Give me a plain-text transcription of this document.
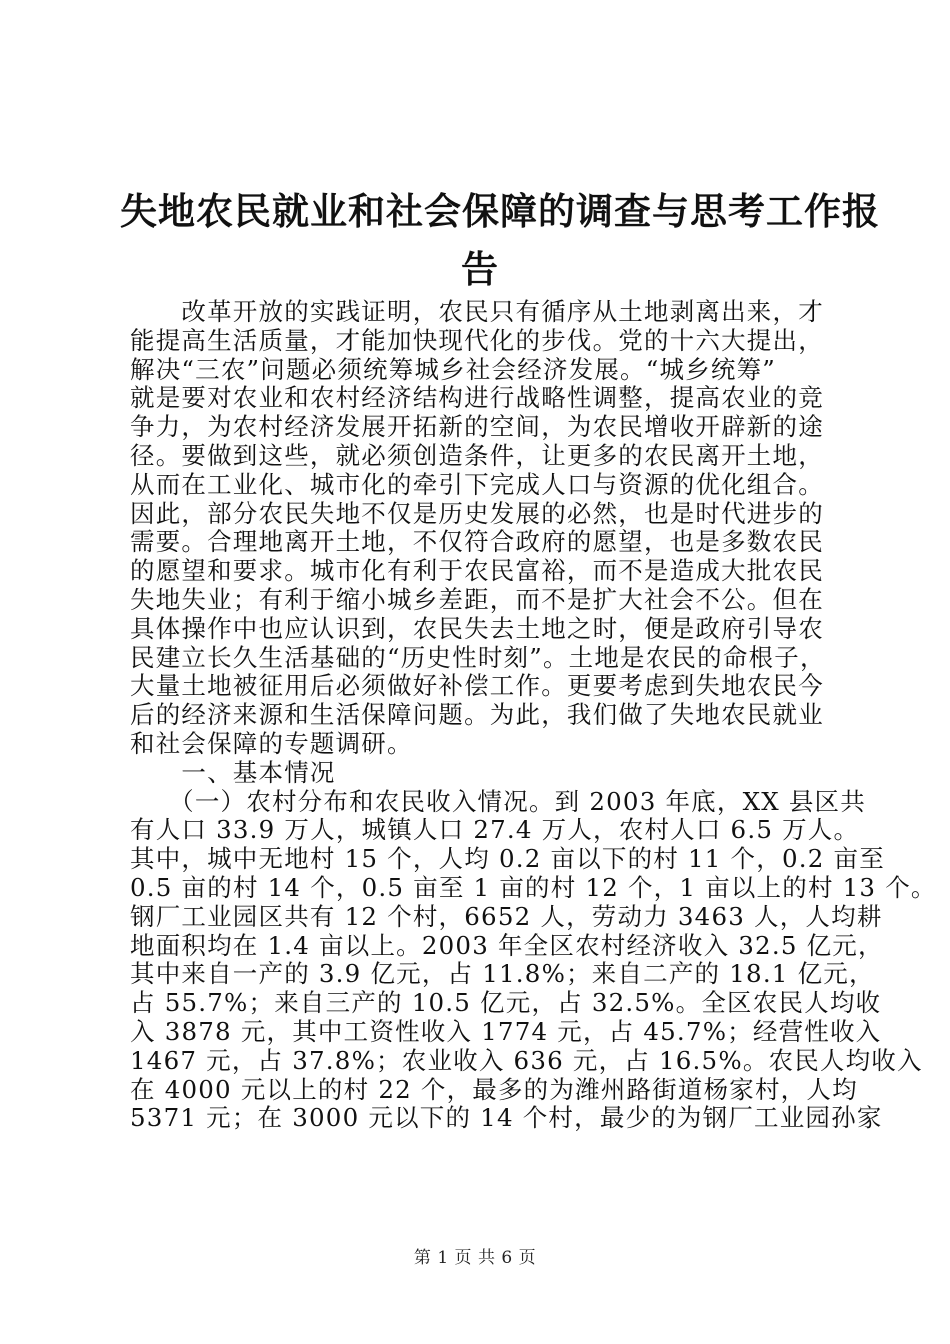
失地农民就业和社会保障的调查与思考工作报
告
　　改革开放的实践证明，农民只有循序从土地剥离出来，才
能提高生活质量，才能加快现代化的步伐。党的十六大提出，
解决“三农”问题必须统筹城乡社会经济发展。“城乡统筹”
就是要对农业和农村经济结构进行战略性调整，提高农业的竞
争力，为农村经济发展开拓新的空间，为农民增收开辟新的途
径。要做到这些，就必须创造条件，让更多的农民离开土地，
从而在工业化、城市化的牵引下完成人口与资源的优化组合。
因此，部分农民失地不仅是历史发展的必然，也是时代进步的
需要。合理地离开土地，不仅符合政府的愿望，也是多数农民
的愿望和要求。城市化有利于农民富裕，而不是造成大批农民
失地失业；有利于缩小城乡差距，而不是扩大社会不公。但在
具体操作中也应认识到，农民失去土地之时，便是政府引导农
民建立长久生活基础的“历史性时刻”。土地是农民的命根子，
大量土地被征用后必须做好补偿工作。更要考虑到失地农民今
后的经济来源和生活保障问题。为此，我们做了失地农民就业
和社会保障的专题调研。
　　一、基本情况
　　（一）农村分布和农民收入情况。到 2003 年底，XX 县区共
有人口 33.9 万人，城镇人口 27.4 万人，农村人口 6.5 万人。
其中，城中无地村 15 个，人均 0.2 亩以下的村 11 个，0.2 亩至
0.5 亩的村 14 个，0.5 亩至 1 亩的村 12 个，1 亩以上的村 13 个。
钢厂工业园区共有 12 个村，6652 人，劳动力 3463 人，人均耕
地面积均在 1.4 亩以上。2003 年全区农村经济收入 32.5 亿元，
其中来自一产的 3.9 亿元，占 11.8%；来自二产的 18.1 亿元，
占 55.7%；来自三产的 10.5 亿元，占 32.5%。全区农民人均收
入 3878 元，其中工资性收入 1774 元，占 45.7%；经营性收入
1467 元，占 37.8%；农业收入 636 元，占 16.5%。农民人均收入
在 4000 元以上的村 22 个，最多的为潍州路街道杨家村，人均
5371 元；在 3000 元以下的 14 个村，最少的为钢厂工业园孙家
第 1 页 共 6 页
